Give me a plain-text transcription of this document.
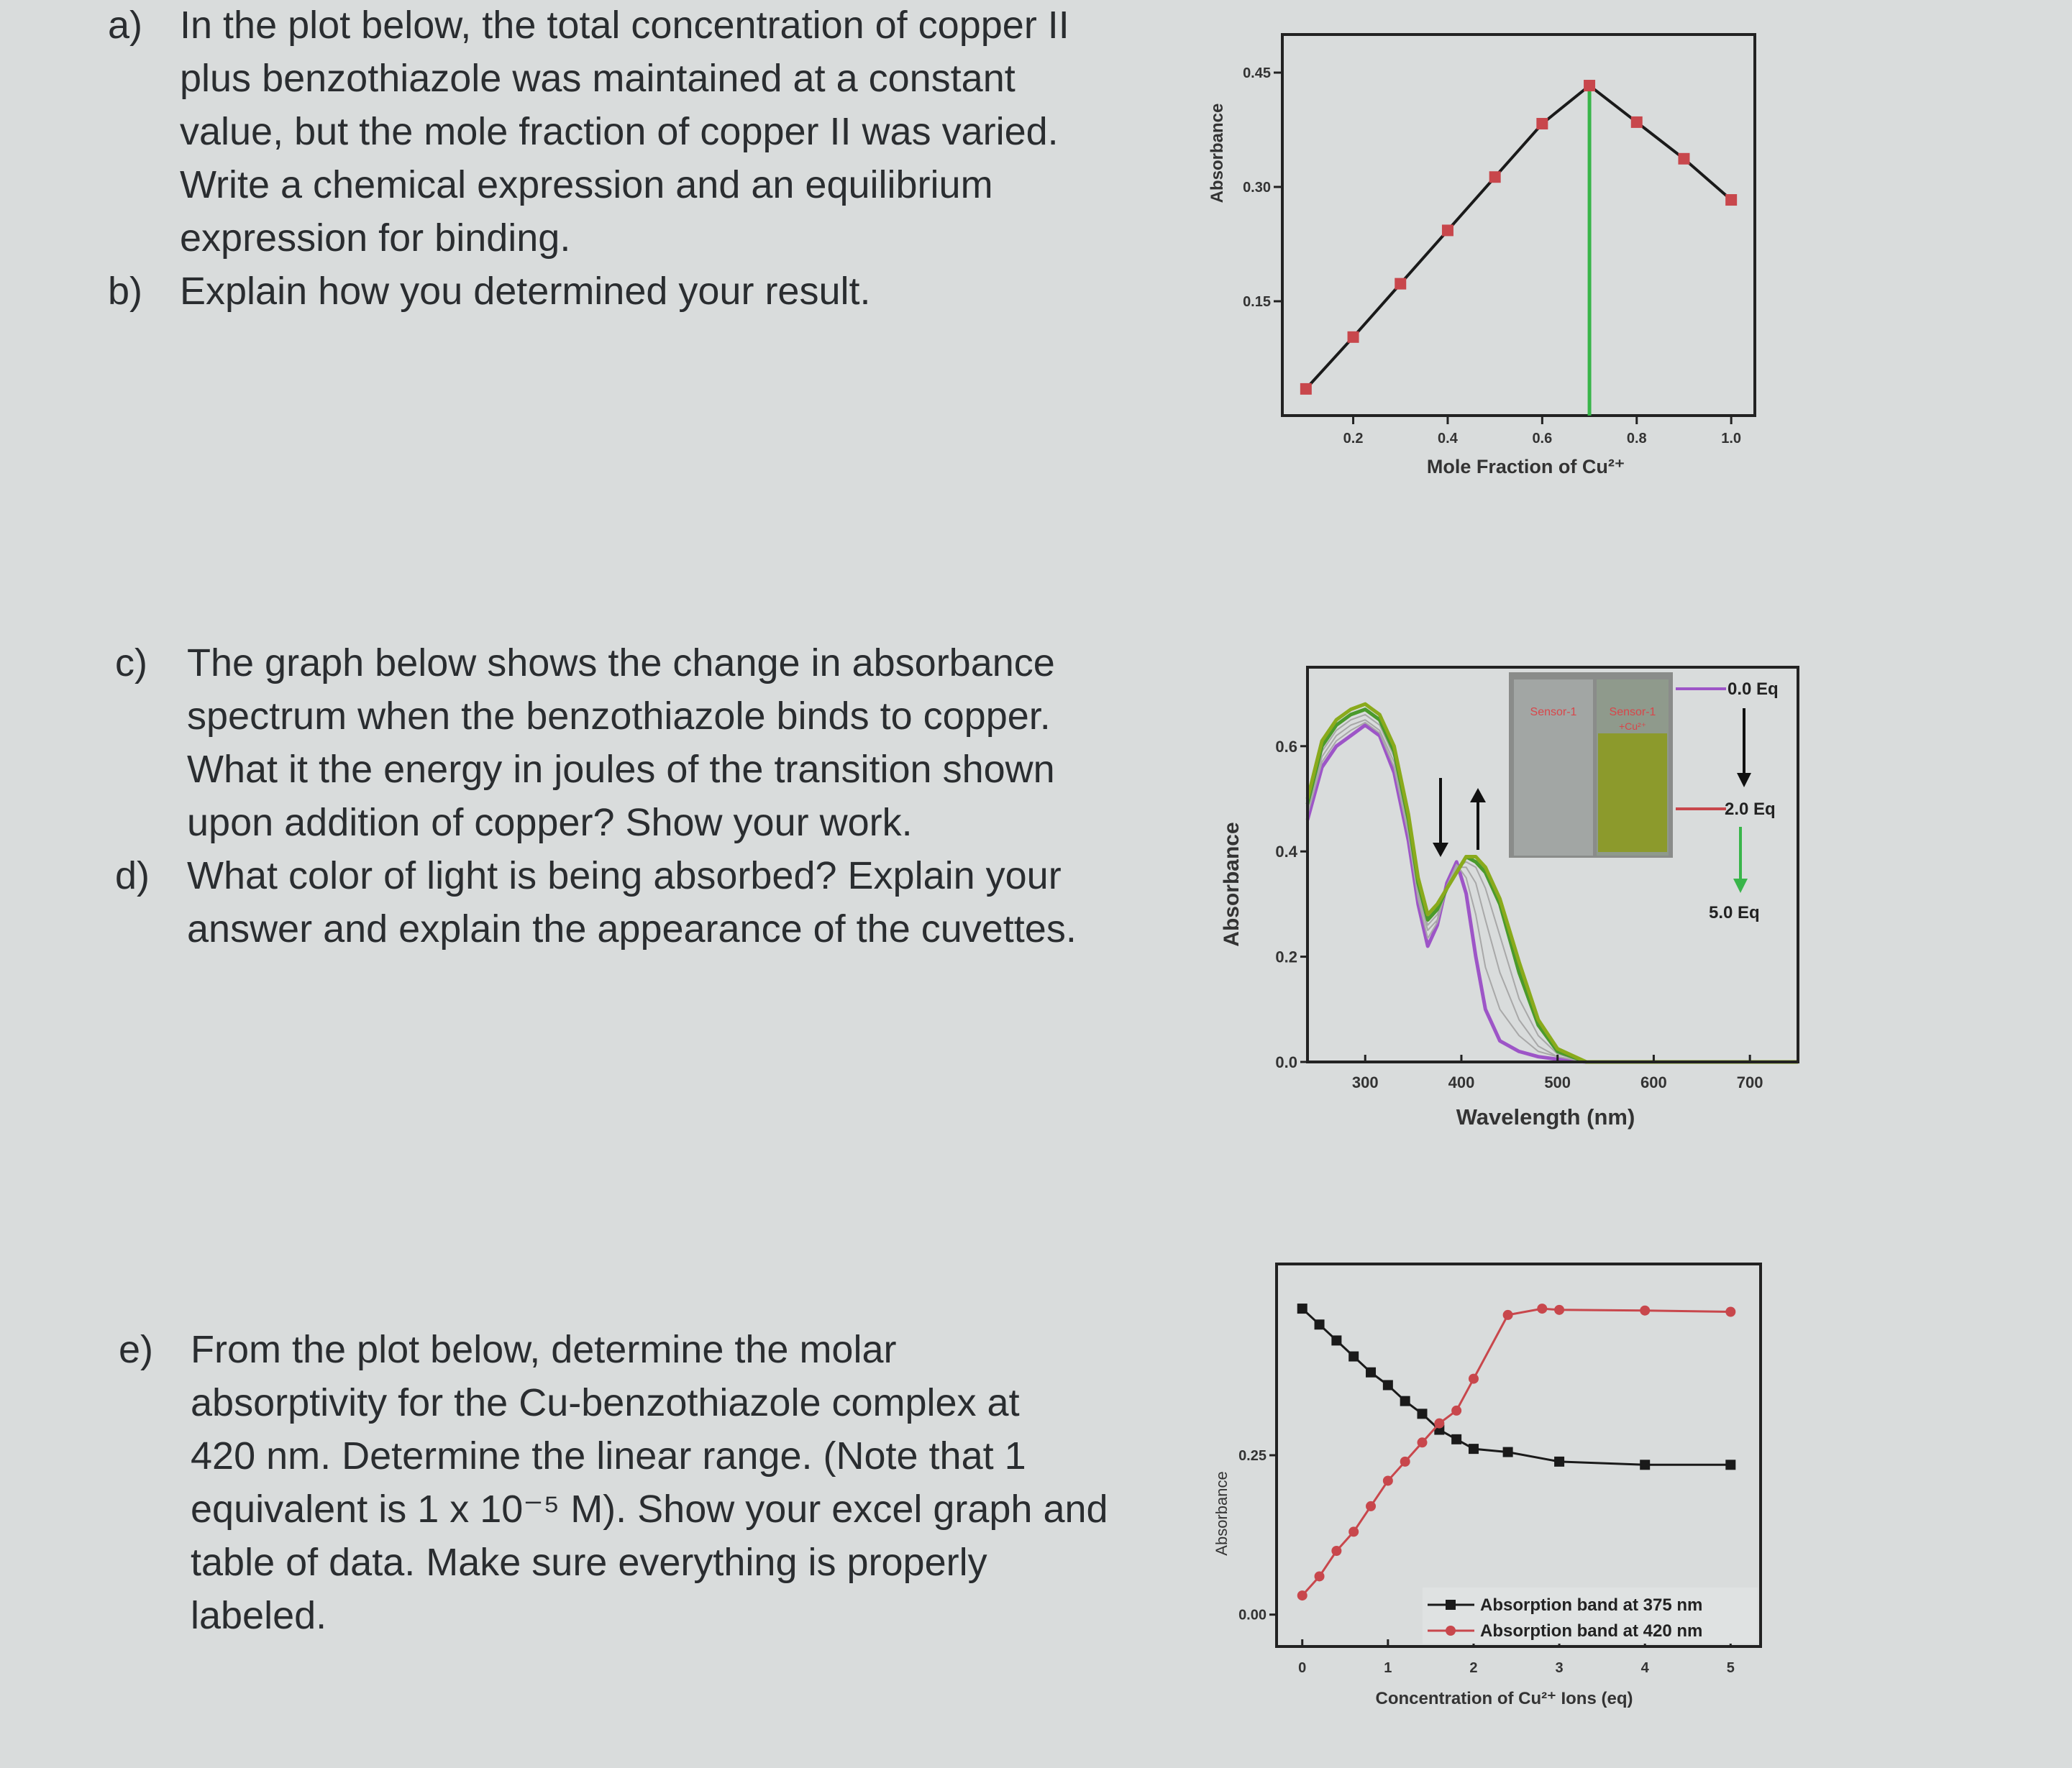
a) In the plot below, the total concentration of copper II
plus benzothiazole was maintained at a constant
value, but the mole fraction of copper II was varied.
Write a chemical expression and an equilibrium
expression for binding.
b) Explain how you determined your result.
c) The graph below shows the change in absorbance
spectrum when the benzothiazole binds to copper.
What it the energy in joules of the transition shown
upon addition of copper? Show your work.
d) What color of light is being absorbed? Explain your
answer and explain the appearance of the cuvettes.
e) From the plot below, determine the molar
absorptivity for the Cu-benzothiazole complex at
420 nm. Determine the linear range. (Note that 1
equivalent is 1 x 10⁻⁵ M). Show your excel graph and
table of data. Make sure everything is properly
labeled.
0.2	0.4	0.6	0.8	1.0
0.15
0.30
0.45
Mole Fraction of Cu²⁺
Absorbance
Sensor-1	Sensor-1
+Cu²⁺
300	400	500	600	700
0.0
0.2
0.4
0.6
Wavelength (nm)
Absorbance
0.0 Eq
2.0 Eq
5.0 Eq
0	1	2	3	4	5
0.00
0.25
Concentration of Cu²⁺ Ions (eq)
Absorbance
Absorption band at 375 nm
Absorption band at 420 nm
